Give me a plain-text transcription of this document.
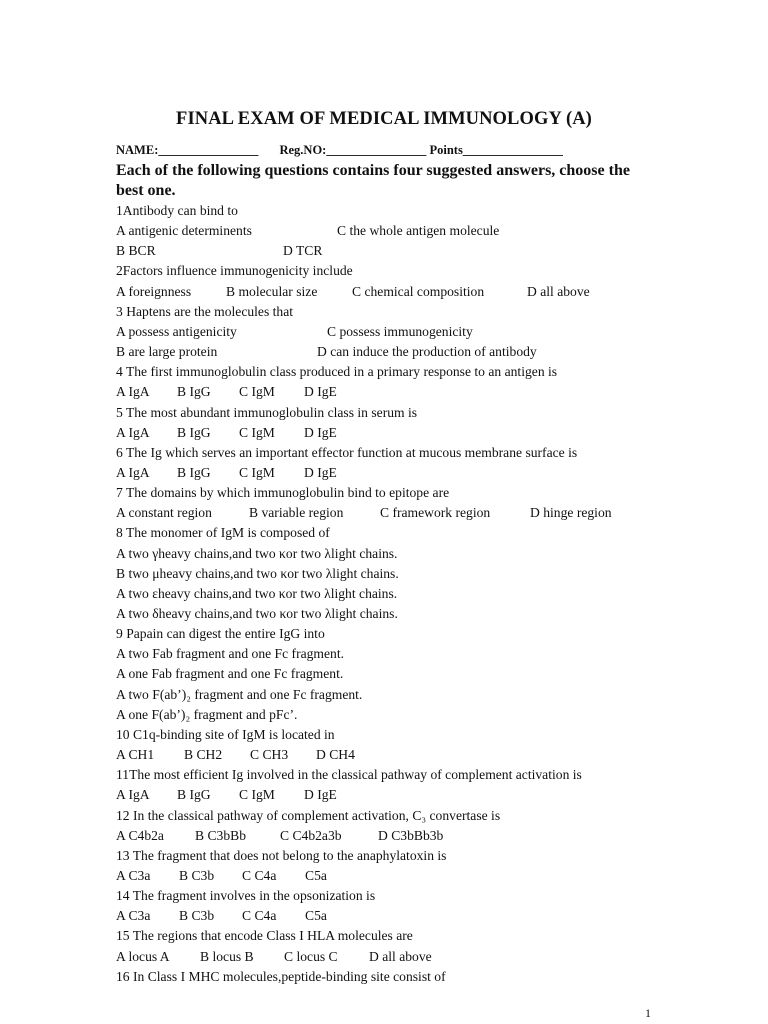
FINAL EXAM OF MEDICAL IMMUNOLOGY (A)
NAME:________________ Reg.NO:________________ Points________________
Each of the following questions contains four suggested answers, choose the best one.
1Antibody can bind to
A antigenic determinents	C the whole antigen molecule
B BCR	D TCR
2Factors influence immunogenicity include
A foreignness	B molecular size	C chemical composition	D all above
3 Haptens are the molecules that
A possess antigenicity	C possess immunogenicity
B are large protein	D can induce the production of antibody
4 The first immunoglobulin class produced in a primary response to an antigen is
A IgA B IgG C IgM D IgE
5 The most abundant immunoglobulin class in serum is
A IgA B IgG C IgM D IgE
6 The Ig which serves an important effector function at mucous membrane surface is
A IgA B IgG C IgM D IgE
7 The domains by which immunoglobulin bind to epitope are
A constant region	B variable region	C framework region	D hinge region
8 The monomer of IgM is composed of
A two γheavy chains,and two κor two λlight chains.
B two μheavy chains,and two κor two λlight chains.
A two εheavy chains,and two κor two λlight chains.
A two δheavy chains,and two κor two λlight chains.
9 Papain can digest the entire IgG into
A two Fab fragment and one Fc fragment.
A one Fab fragment and one Fc fragment.
A two F(ab’)₂ fragment and one Fc fragment.
A one F(ab’)₂ fragment and pFc’.
10 C1q-binding site of IgM is located in
A CH1 B CH2 C CH3 D CH4
11The most efficient Ig involved in the classical pathway of complement activation is
A IgA B IgG C IgM D IgE
12 In the classical pathway of complement activation, C₃ convertase is
A C4b2a B C3bBb	C C4b2a3b	D C3bBb3b
13 The fragment that does not belong to the anaphylatoxin is
A C3a B C3b C C4a C5a
14 The fragment involves in the opsonization is
A C3a B C3b C C4a C5a
15 The regions that encode Class I HLA molecules are
A locus A B locus B C locus C D all above
16 In Class I MHC molecules,peptide-binding site consist of
1
